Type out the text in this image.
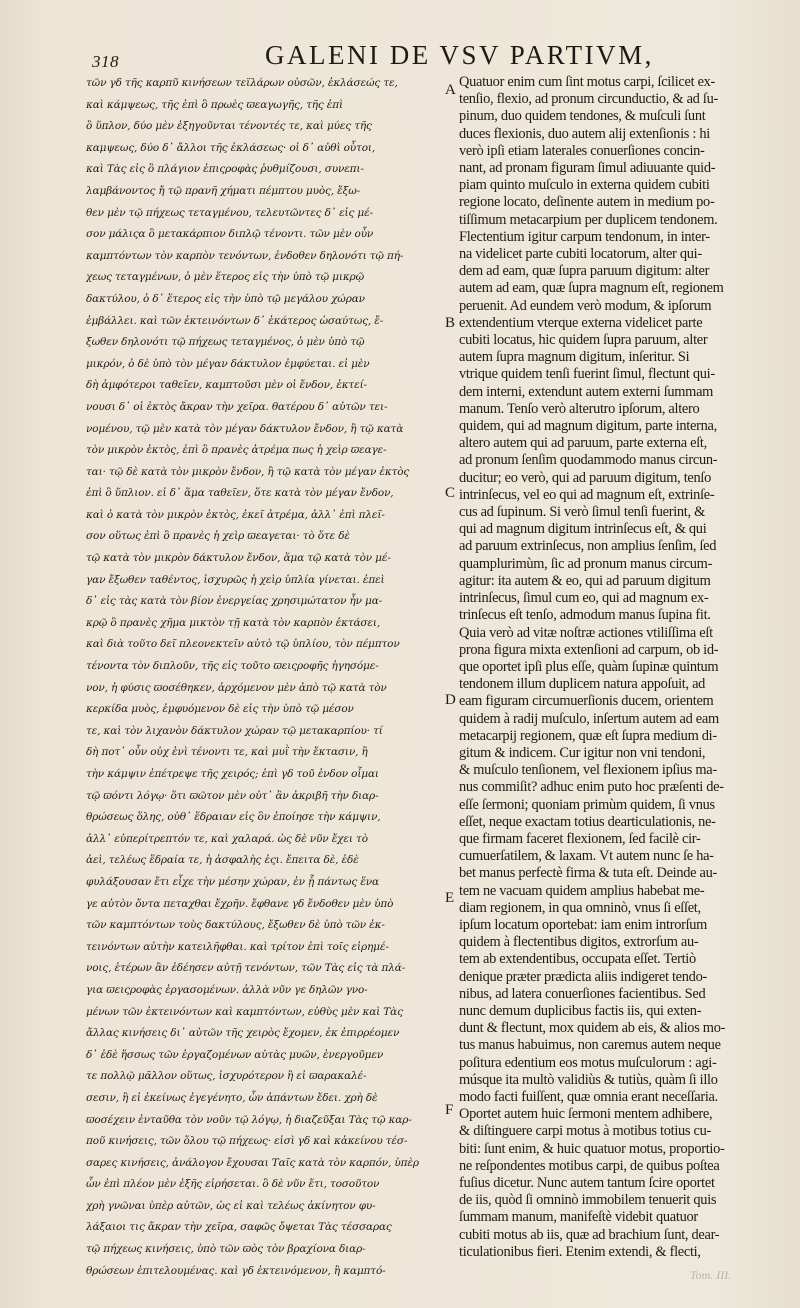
318	GALENI DE VSV PARTIVM,
τῶν γδ τῆς καρπῦ κινήσεων τεϊλάρων οὐσῶν, ἐκλάσεώς τε,
καὶ κάμψεως, τῆς ἐπὶ ὃ πρωὲς ϖεαγωγῆς, τῆς ἐπὶ
ὃ ὕπλον, δύο μὲν ἐξηγοῦνται τένοντές τε, καὶ μύες τῆς
καμψεως, δύο δ᾽ ἄλλοι τῆς ἐκλάσεως· οἱ δ᾽ αὐθὶ οὗτοι,
καὶ Τὰς εἰς ὃ πλάγιον ἐπιςροφὰς ῥυθμίζουσι, συνεπι-
λαμβάνοντος ἤ τῷ πρανῆ χήματι πέμπτου μυὸς, ἔξω-
θεν μὲν τῷ πήχεως τεταγμένου, τελευτῶντες δ᾽ εἰς μέ-
σον μάλιςα ὃ μετακάρπιον διπλῷ τένοντι. τῶν μὲν οὖν
καμπτόντων τὸν καρπὸν τενόντων, ἐνδοθεν δηλονότι τῷ πή-
χεως τεταγμένων, ὁ μὲν ἕτερος εἰς τὴν ὑπὸ τῷ μικρῷ
δακτύλου, ὁ δ᾽ ἕτερος εἰς τὴν ὑπὸ τῷ μεγάλου χώραν
ἐμβάλλει. καὶ τῶν ἐκτεινόντων δ᾽ ἑκάτερος ὡσαύτως, ἔ-
ξωθεν δηλονότι τῷ πήχεως τεταγμένος, ὁ μὲν ὑπὸ τῷ
μικρόν, ὁ δὲ ὑπὸ τὸν μέγαν δάκτυλον ἐμφύεται. εἰ μὲν
δὴ ἀμφότεροι ταθεῖεν, καμπτοῦσι μὲν οἱ ἔνδον, ἐκτεί-
νουσι δ᾽ οἱ ἐκτὸς ἄκραν τὴν χεῖρα. θατέρου δ᾽ αὐτῶν τει-
νομένου, τῷ μὲν κατὰ τὸν μέγαν δάκτυλον ἔνδον, ἢ τῷ κατὰ
τὸν μικρὸν ἐκτὸς, ἐπὶ ὃ πρανὲς ἀτρέμα πως ἡ χεὶρ ϖεαγε-
ται· τῷ δὲ κατὰ τὸν μικρὸν ἔνδον, ἢ τῷ κατὰ τὸν μέγαν ἐκτὸς
ἐπὶ ὃ ὕπλιον. εἰ δ᾽ ἅμα ταθεῖεν, ὅτε κατὰ τὸν μέγαν ἔνδον,
καὶ ὁ κατὰ τὸν μικρὸν ἐκτὸς, ἐκεῖ ἀτρέμα, ἀλλ᾽ ἐπὶ πλεῖ-
σον οὕτως ἐπὶ ὃ πρανὲς ἡ χεὶρ ϖεαγεται· τὸ ὅτε δὲ
τῷ κατὰ τὸν μικρὸν δάκτυλον ἔνδον, ἅμα τῷ κατὰ τὸν μέ-
γαν ἔξωθεν ταθέντος, ἰσχυρῶς ἡ χεὶρ ὑπλία γίνεται. ἐπεὶ
δ᾽ εἰς τὰς κατὰ τὸν βίον ἐνεργείας χρησιμώτατον ἦν μα-
κρῷ ὃ πρανὲς χῆμα μικτὸν τῇ κατὰ τὸν καρπὸν ἐκτάσει,
καὶ διὰ τοῦτο δεῖ πλεονεκτεῖν αὐτὸ τῷ ὑπλίου, τὸν πέμπτον
τένοντα τὸν διπλοῦν, τῆς εἰς τοῦτο ϖειςροφῆς ἡγησόμε-
νον, ἡ φύσις ϖοσέθηκεν, ἀρχόμενον μὲν ἀπὸ τῷ κατὰ τὸν
κερκίδα μυὸς, ἐμφυόμενον δὲ εἰς τὴν ὑπὸ τῷ μέσον
τε, καὶ τὸν λιχανὸν δάκτυλον χώραν τῷ μετακαρπίου· τί
δὴ ποτ᾽ οὖν οὐχ ἑνὶ τένοντι τε, καὶ μυῒ τὴν ἔκτασιν, ἢ
τὴν κάμψιν ἐπέτρεψε τῆς χειρός; ἐπὶ γδ τοῦ ἐνδον οἶμαι
τῷ ϖόντι λόγῳ· ὅτι ϖῶτον μὲν οὐτ᾽ ἂν ἀκριβῆ τὴν διαρ-
θρώσεως ὅλης, οὐθ᾽ ἕδραιαν εἰς ὃν ἐποίησε τὴν κάμψιν,
ἀλλ᾽ εὐπερίτρεπτόν τε, καὶ χαλαρά. ὡς δὲ νῦν ἔχει τὸ
ἀεὶ, τελέως ἕδραία τε, ἡ ἀσφαλὴς ἐςι. ἔπειτα δὲ, ἐδὲ
φυλάξουσαν ἔτι εἶχε τὴν μέσην χώραν, ἐν ᾗ πάντως ἕνα
γε αὐτὸν ὄντα πεταχθαι ἔχρῆν. ἔφθανε γδ ἔνδοθεν μὲν ὑπὸ
τῶν καμπτόντων τοὺς δακτύλους, ἔξωθεν δὲ ὑπὸ τῶν ἐκ-
τεινόντων αὐτὴν κατειλῆφθαι. καὶ τρίτον ἐπὶ τοῖς εἰρημέ-
νοις, ἑτέρων ἂν ἐδέησεν αὐτῇ τενόντων, τῶν Τὰς εἰς τὰ πλά-
για ϖειςροφὰς ἐργασομένων. ἀλλὰ νῦν γε δηλῶν γνο-
μένων τῶν ἐκτεινόντων καὶ καμπτόντων, εὐθὺς μὲν καὶ Τὰς
ἄλλας κινήσεις δι᾽ αὐτῶν τῆς χειρὸς ἔχομεν, ἐκ ἐπιρρέομεν
δ᾽ ἐδὲ ἥσσως τῶν ἐργαζομένων αὐτὰς μυῶν, ἐνεργοῦμεν
τε πολλῷ μᾶλλον οὕτως, ἰσχυρότερον ἢ εἰ ϖαρακαλέ-
σεσιν, ἢ εἰ ἐκείνως ἐγεγένητο, ὧν ἁπάντων ἔδει. χρὴ δὲ
ϖοσέχειν ἐνταῦθα τὸν νοῦν τῷ λόγῳ, ἡ διαζεῦξαι Τὰς τῷ καρ-
ποῦ κινήσεις, τῶν ὅλου τῷ πήχεως· εἰσὶ γδ καὶ κἀκείνου τέσ-
σαρες κινήσεις, ἀνάλογον ἔχουσαι Ταῖς κατὰ τὸν καρπόν, ὑπὲρ
ὧν ἐπὶ πλέον μὲν ἐξῆς εἰρήσεται. ὃ δὲ νῦν ἔτι, τοσοῦτον
χρὴ γνῶναι ὑπὲρ αὐτῶν, ὡς εἰ καὶ τελέως ἀκίνητον φυ-
λάξαιοι τις ἄκραν τὴν χεῖρα, σαφῶς ὄψεται Τὰς τέσσαρας
τῷ πήχεως κινήσεις, ὑπὸ τῶν ϖὸς τὸν βραχίονα διαρ-
θρώσεων ἐπιτελουμένας. καὶ γδ ἐκτεινόμενον, ἢ καμπτό-
Quatuor enim cum ſint motus carpi, ſcilicet ex-
tenſio, flexio, ad pronum circunductio, & ad ſu-
pinum, duo quidem tendones, & muſculi ſunt
duces flexionis, duo autem alij extenſionis : hi
verò ipſi etiam laterales conuerſiones concin-
nant, ad pronam figuram ſimul adiuuante quid-
piam quinto muſculo in externa quidem cubiti
regione locato, deſinente autem in medium po-
tiſſimum metacarpium per duplicem tendonem.
Flectentium igitur carpum tendonum, in inter-
na videlicet parte cubiti locatorum, alter qui-
dem ad eam, quæ ſupra paruum digitum: alter
autem ad eam, quæ ſupra magnum eſt, regionem
peruenit. Ad eundem verò modum, & ipſorum
extendentium vterque externa videlicet parte
cubiti locatus, hic quidem ſupra paruum, alter
autem ſupra magnum digitum, inſeritur. Si
vtrique quidem tenſi fuerint ſimul, flectunt qui-
dem interni, extendunt autem externi ſummam
manum. Tenſo verò alterutro ipſorum, altero
quidem, qui ad magnum digitum, parte interna,
altero autem qui ad paruum, parte externa eſt,
ad pronum ſenſim quodammodo manus circun-
ducitur; eo verò, qui ad paruum digitum, tenſo
intrinſecus, vel eo qui ad magnum eſt, extrinſe-
cus ad ſupinum. Si verò ſimul tenſi fuerint, &
qui ad magnum digitum intrinſecus eſt, & qui
ad paruum extrinſecus, non amplius ſenſim, ſed
quamplurimùm, ſic ad pronum manus circum-
agitur: ita autem & eo, qui ad paruum digitum
intrinſecus, ſimul cum eo, qui ad magnum ex-
trinſecus eſt tenſo, admodum manus ſupina fit.
Quia verò ad vitæ noſtræ actiones vtiliſſima eſt
prona figura mixta extenſioni ad carpum, ob id-
que oportet ipſi plus eſſe, quàm ſupinæ quintum
tendonem illum duplicem natura appoſuit, ad
eam figuram circumuerſionis ducem, orientem
quidem à radij muſculo, inſertum autem ad eam
metacarpij regionem, quæ eſt ſupra medium di-
gitum & indicem. Cur igitur non vni tendoni,
& muſculo tenſionem, vel flexionem ipſius ma-
nus commiſit? adhuc enim puto hoc præſenti de-
eſſe ſermoni; quoniam primùm quidem, ſi vnus
eſſet, neque exactam totius dearticulationis, ne-
que firmam faceret flexionem, ſed facilè cir-
cumuerſatilem, & laxam. Vt autem nunc ſe ha-
bet manus perfectè firma & tuta eſt. Deinde au-
tem ne vacuam quidem amplius habebat me-
diam regionem, in qua omninò, vnus ſi eſſet,
ipſum locatum oportebat: iam enim introrſum
quidem à flectentibus digitos, extrorſum au-
tem ab extendentibus, occupata eſſet. Tertiò
denique præter prædicta aliis indigeret tendo-
nibus, ad latera conuerſiones facientibus. Sed
nunc demum duplicibus factis iis, qui exten-
dunt & flectunt, mox quidem ab eis, & alios mo-
tus manus habuimus, non caremus autem neque
poſitura edentium eos motus muſculorum : agi-
músque ita multò validiùs & tutiùs, quàm ſi illo
modo facti fuiſſent, quæ omnia erant neceſſaria.
Oportet autem huic ſermoni mentem adhibere,
& diſtinguere carpi motus à motibus totius cu-
biti: ſunt enim, & huic quatuor motus, proportio-
ne reſpondentes motibus carpi, de quibus poſtea
fuſius dicetur. Nunc autem tantum ſcire oportet
de iis, quòd ſi omninò immobilem tenuerit quis
ſummam manum, manifeſtè videbit quatuor
cubiti motus ab iis, quæ ad brachium ſunt, dear-
ticulationibus fieri. Etenim extendi, & flecti,
A
B
C
D
E
F
Tom. III.
